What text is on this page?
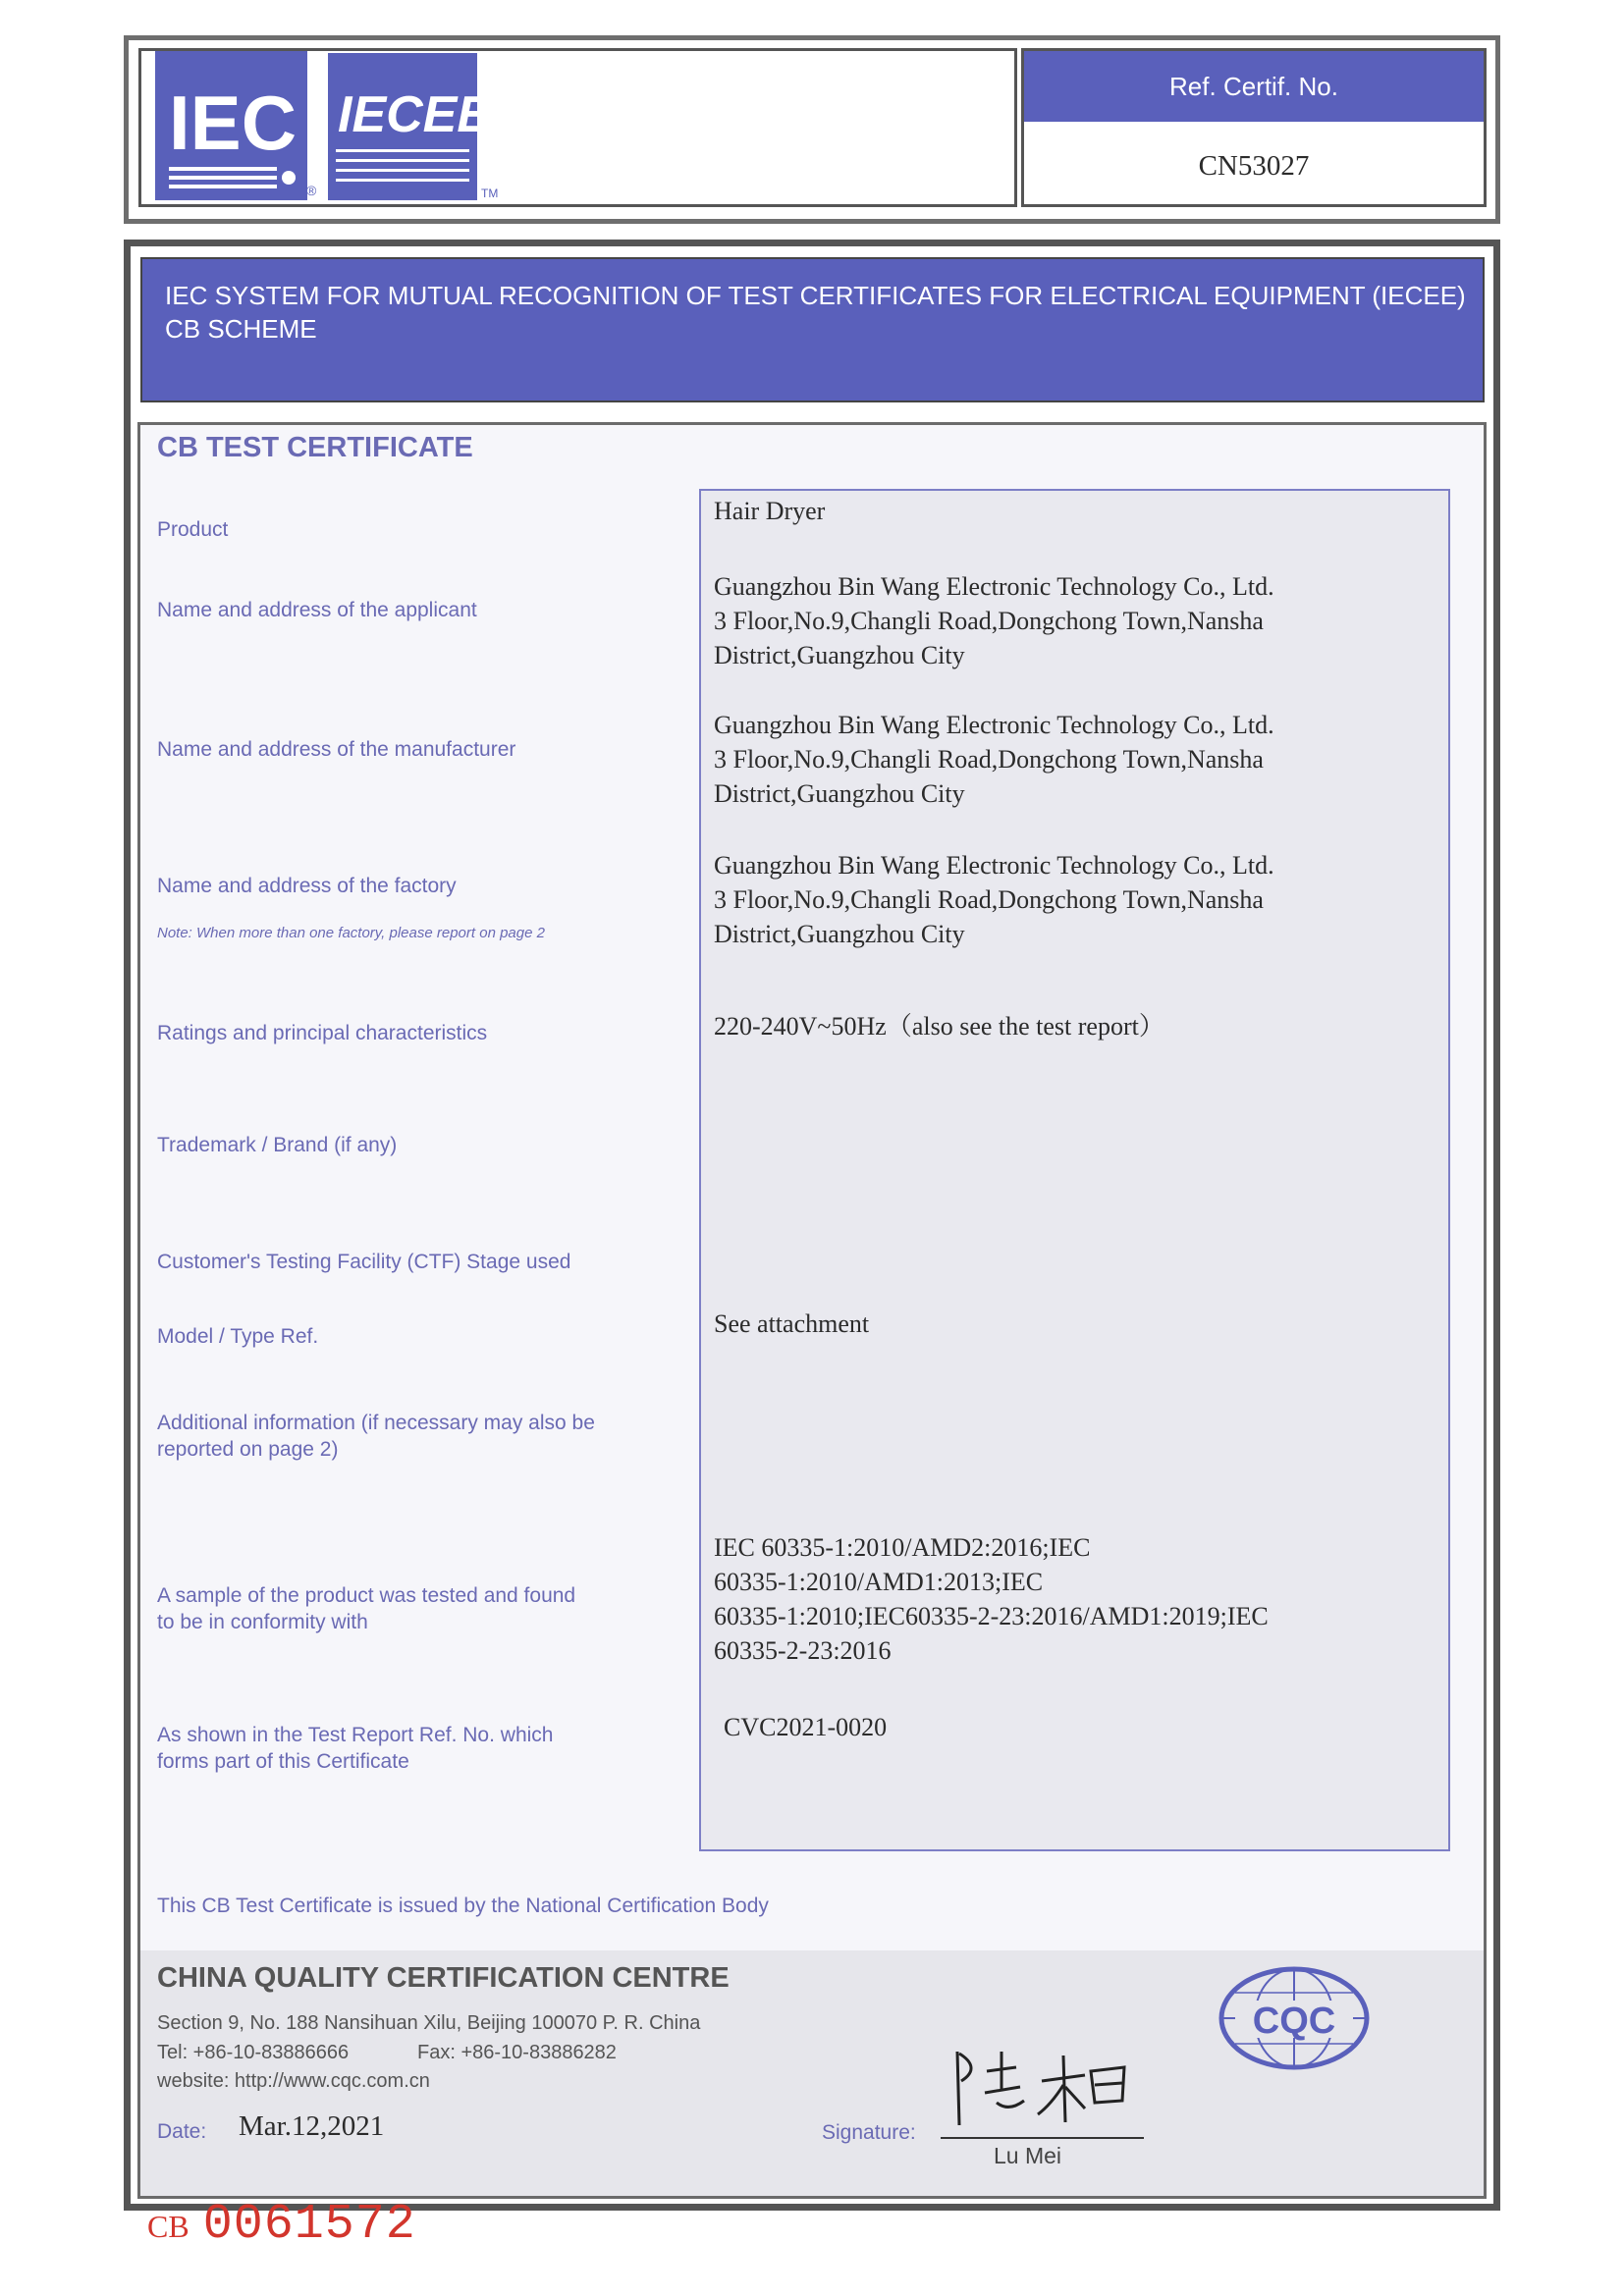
IEC
®
IECEE
TM
Ref. Certif. No.
CN53027
IEC SYSTEM FOR MUTUAL RECOGNITION OF TEST CERTIFICATES FOR ELECTRICAL EQUIPMENT (IECEE) CB SCHEME
CB TEST CERTIFICATE
Product
Name and address of the applicant
Name and address of the manufacturer
Name and address of the factory
Note: When more than one factory, please report on page 2
Ratings and principal characteristics
Trademark / Brand (if any)
Customer's Testing Facility (CTF) Stage used
Model / Type Ref.
Additional information (if necessary may also be
reported on page 2)
A sample of the product was tested and found
to be in conformity with
As shown in the Test Report Ref. No. which
forms part of this Certificate
Hair Dryer
Guangzhou Bin Wang Electronic Technology Co., Ltd.
3 Floor,No.9,Changli Road,Dongchong Town,Nansha
District,Guangzhou City
Guangzhou Bin Wang Electronic Technology Co., Ltd.
3 Floor,No.9,Changli Road,Dongchong Town,Nansha
District,Guangzhou City
Guangzhou Bin Wang Electronic Technology Co., Ltd.
3 Floor,No.9,Changli Road,Dongchong Town,Nansha
District,Guangzhou City
220-240V~50Hz（also see the test report）
See attachment
IEC 60335-1:2010/AMD2:2016;IEC
60335-1:2010/AMD1:2013;IEC
60335-1:2010;IEC60335-2-23:2016/AMD1:2019;IEC
60335-2-23:2016
CVC2021-0020
This CB Test Certificate is issued by the National Certification Body
CHINA QUALITY CERTIFICATION CENTRE
Section 9, No. 188 Nansihuan Xilu, Beijing 100070 P. R. China
Tel: +86-10-83886666	Fax: +86-10-83886282
website: http://www.cqc.com.cn
CQC
Date: Mar.12,2021	Signature:
Lu Mei
CB 0061572
